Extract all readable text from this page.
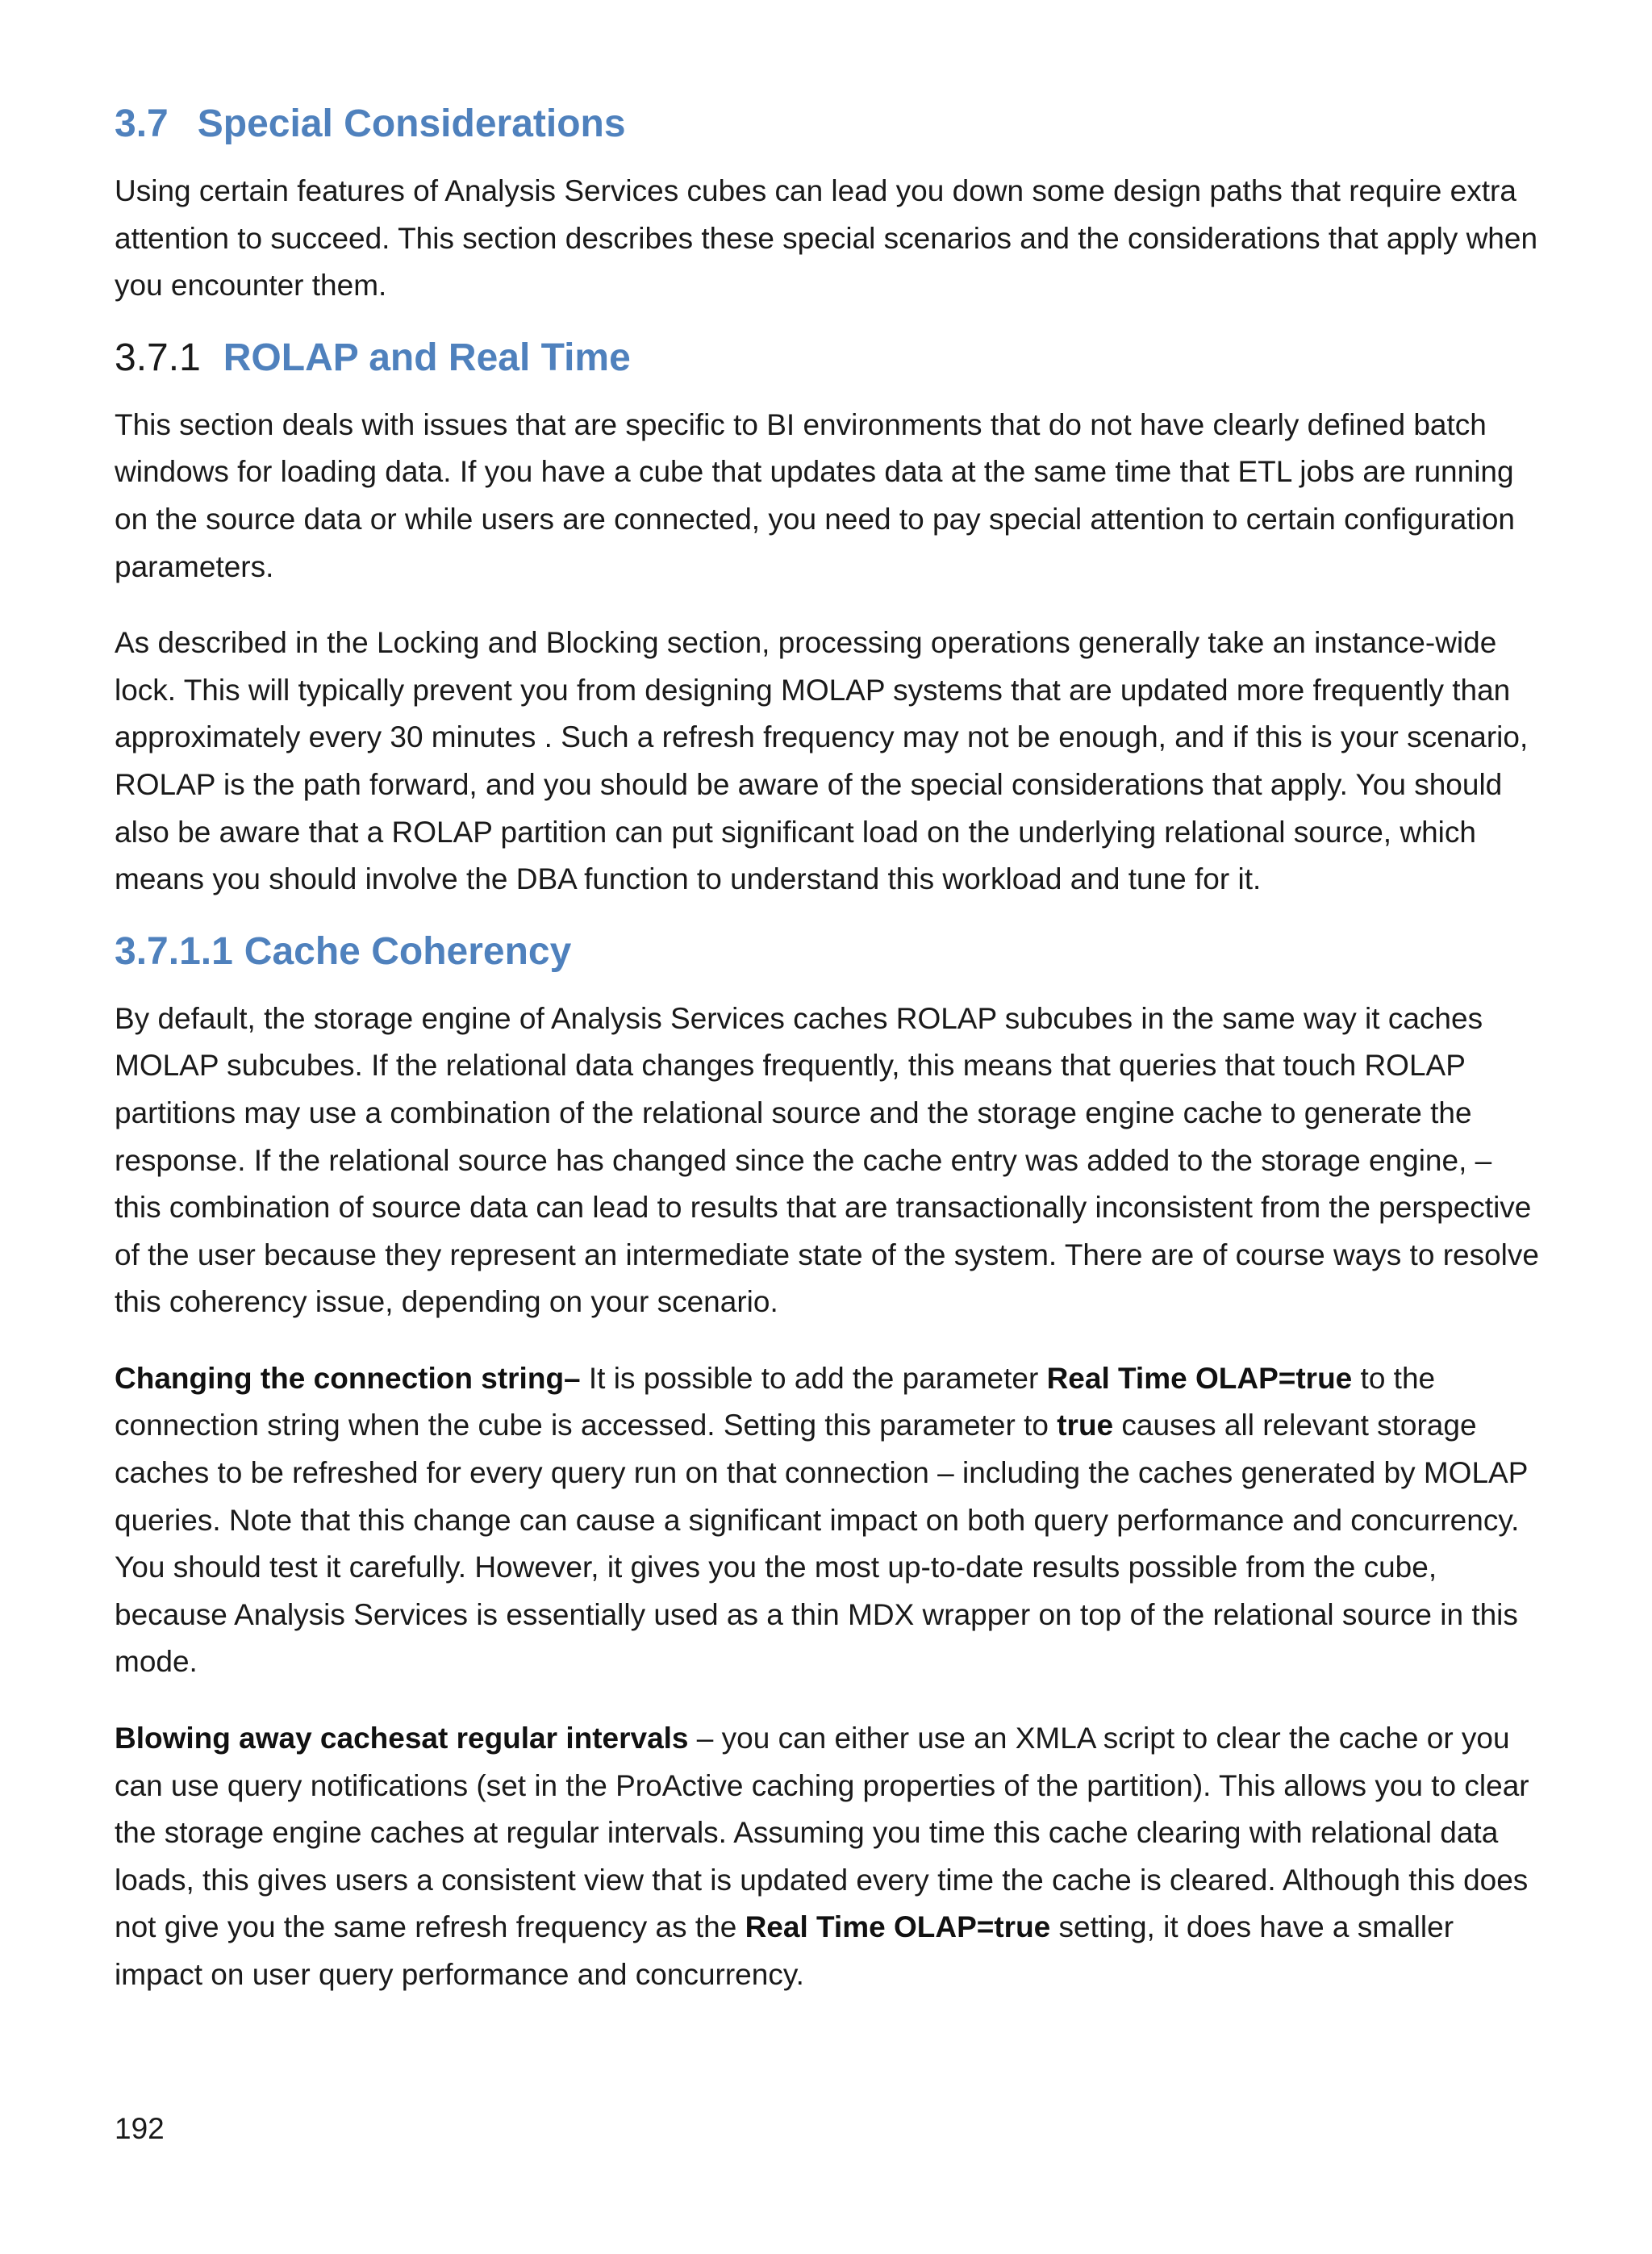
3.7 Special Considerations

Using certain features of Analysis Services cubes can lead you down some design paths that require extra attention to succeed. This section describes these special scenarios and the considerations that apply when you encounter them.

3.7.1 ROLAP and Real Time

This section deals with issues that are specific to BI environments that do not have clearly defined batch windows for loading data. If you have a cube that updates data at the same time that ETL jobs are running on the source data or while users are connected, you need to pay special attention to certain configuration parameters.

As described in the Locking and Blocking section, processing operations generally take an instance-wide lock. This will typically prevent you from designing MOLAP systems that are updated more frequently than approximately every 30 minutes . Such a refresh frequency may not be enough, and if this is your scenario, ROLAP is the path forward, and you should be aware of the special considerations that apply. You should also be aware that a ROLAP partition can put significant load on the underlying relational source, which means you should involve the DBA function to understand this workload and tune for it.

3.7.1.1 Cache Coherency

By default, the storage engine of Analysis Services caches ROLAP subcubes in the same way it caches MOLAP subcubes. If the relational data changes frequently, this means that queries that touch ROLAP partitions may use a combination of the relational source and the storage engine cache to generate the response. If the relational source has changed since the cache entry was added to the storage engine, – this combination of source data can lead to results that are transactionally inconsistent from the perspective of the user because they represent an intermediate state of the system. There are of course ways to resolve this coherency issue, depending on your scenario.

Changing the connection string– It is possible to add the parameter Real Time OLAP=true to the connection string when the cube is accessed. Setting this parameter to true causes all relevant storage caches to be refreshed for every query run on that connection – including the caches generated by MOLAP queries. Note that this change can cause a significant impact on both query performance and concurrency. You should test it carefully. However, it gives you the most up-to-date results possible from the cube, because Analysis Services is essentially used as a thin MDX wrapper on top of the relational source in this mode.

Blowing away cachesat regular intervals – you can either use an XMLA script to clear the cache or you can use query notifications (set in the ProActive caching properties of the partition). This allows you to clear the storage engine caches at regular intervals. Assuming you time this cache clearing with relational data loads, this gives users a consistent view that is updated every time the cache is cleared. Although this does not give you the same refresh frequency as the Real Time OLAP=true setting, it does have a smaller impact on user query performance and concurrency.

192
